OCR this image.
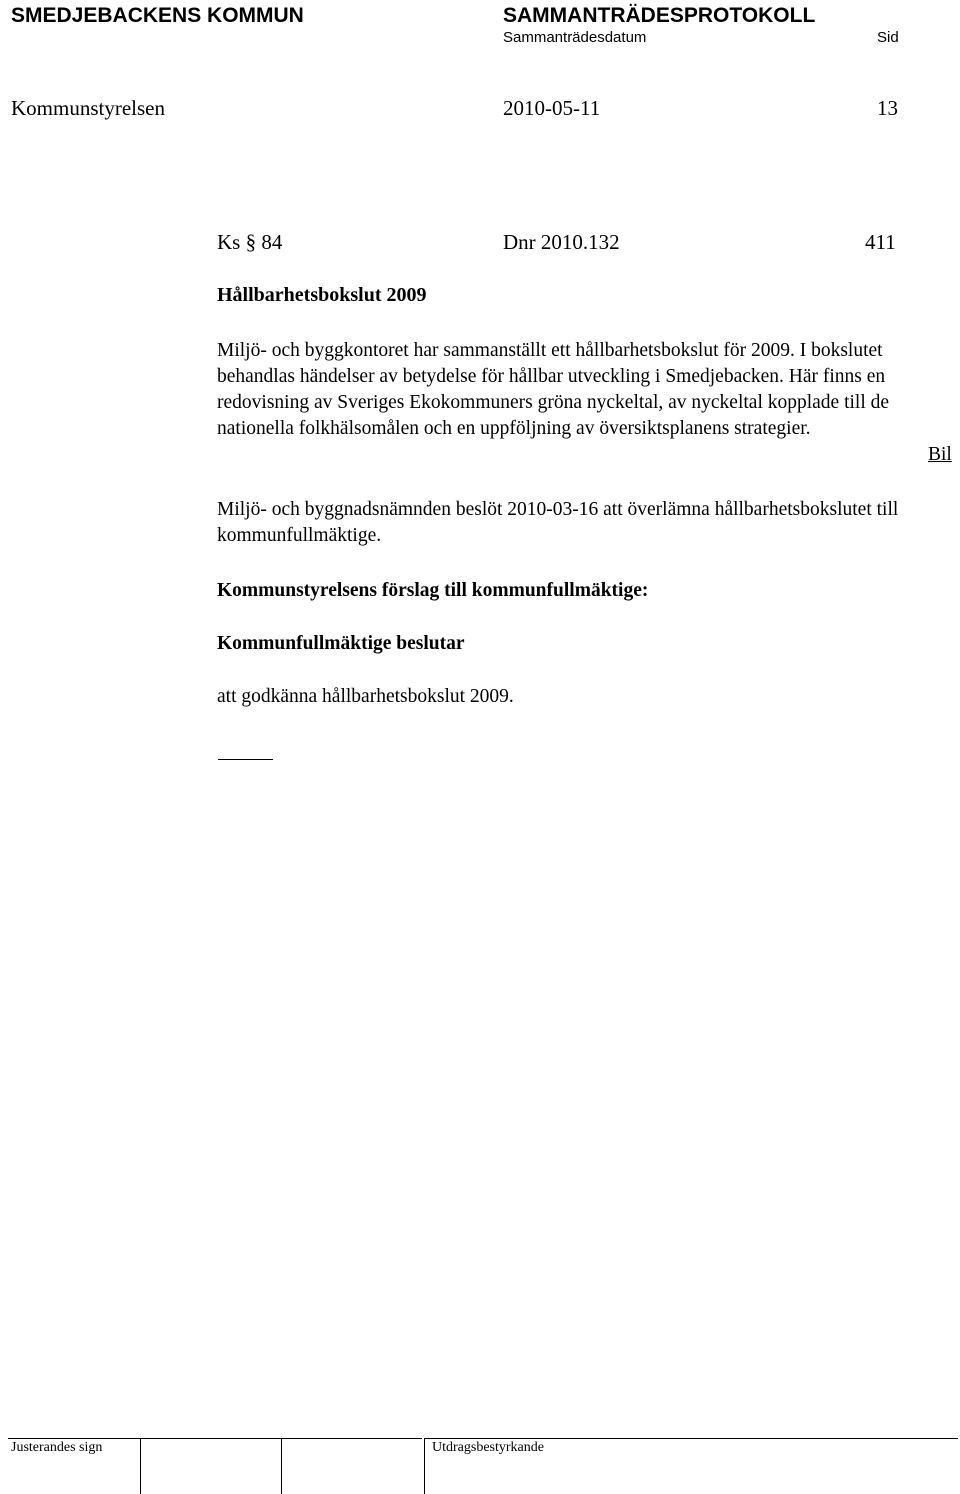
SMEDJEBACKENS KOMMUN	SAMMANTRÄDESPROTOKOLL
Sammanträdesdatum	Sid
Kommunstyrelsen	2010-05-11	13
Ks § 84	Dnr 2010.132	411
Hållbarhetsbokslut 2009
Miljö- och byggkontoret har sammanställt ett hållbarhetsbokslut för 2009. I bokslutet behandlas händelser av betydelse för hållbar utveckling i Smedjebacken. Här finns en redovisning av Sveriges Ekokommuners gröna nyckeltal, av nyckeltal kopplade till de nationella folkhälsomålen och en uppföljning av översiktsplanens strategier.
Bil
Miljö- och byggnadsnämnden beslöt 2010-03-16 att överlämna hållbarhetsbokslutet till kommunfullmäktige.
Kommunstyrelsens förslag till kommunfullmäktige:
Kommunfullmäktige beslutar
att godkänna hållbarhetsbokslut 2009.
Justerandes sign	Utdragsbestyrkande
